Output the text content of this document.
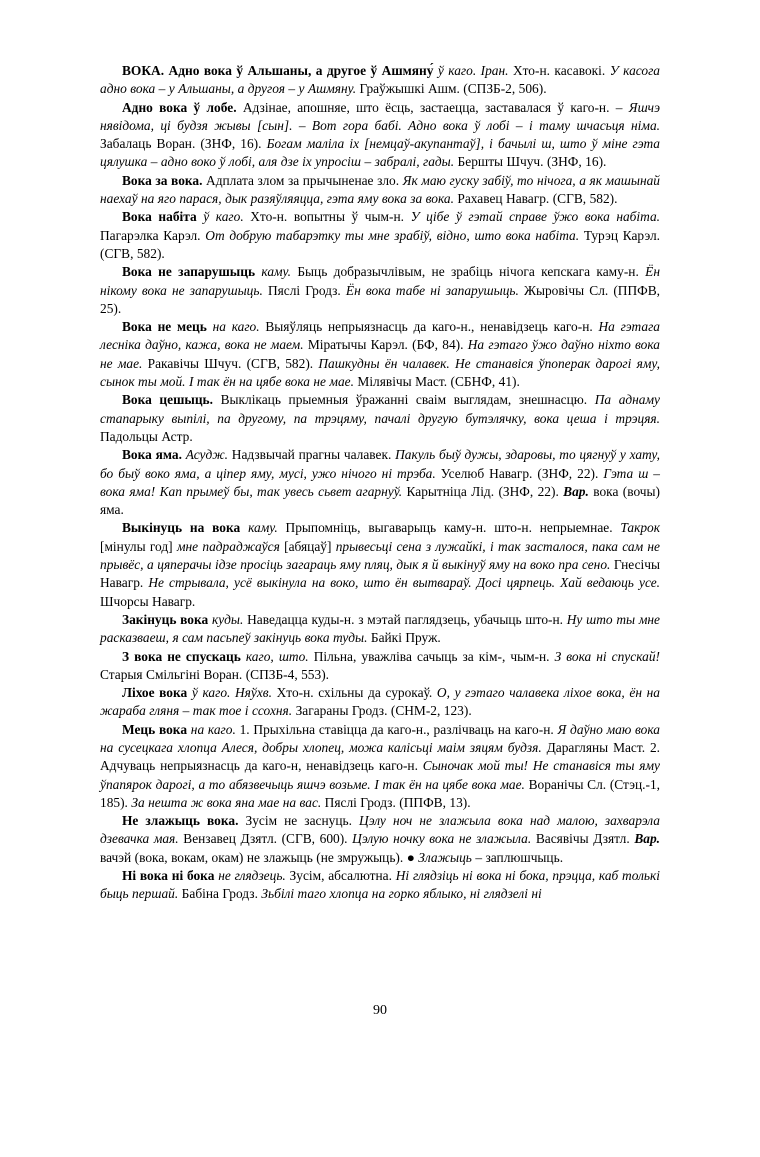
ВОКА. Адно вока ў Альшаны, а другое ў Ашмяну́ ў каго. Іран. Хто-н. касавокі. У касога адно вока – у Альшаны, а другоя – у Ашмяну. Граўжышкі Ашм. (СПЗБ-2, 506).

Адно вока ў лобе. Адзінае, апошняе, што ёсць, застаецца, заставалася ў каго-н. – Яшчэ нявідома, ці будзя жывы [сын]. – Вот гора бабі. Адно вока ў лобі – і таму шчасьця німа. Забалаць Воран. (ЗНФ, 16). Богам маліла іх [немцаў-акупантаў], і бачылі ш, што ў міне гэта цялушка – адно воко ў лобі, аля дзе іх упросіш – забралі, гады. Бершты Шчуч. (ЗНФ, 16).

Вока за вока. Адплата злом за прычыненае зло. Як маю гуску забіў, то нічога, а як машынай наехаў на яго парася, дык разяўляяцца, гэта яму вока за вока. Рахавец Навагр. (СГВ, 582).

Вока набіта ў каго. Хто-н. вопытны ў чым-н. У цібе ў гэтай справе ўжо вока набіта. Пагарэлка Карэл. От добрую табарэтку ты мне зрабіў, відно, што вока набіта. Турэц Карэл. (СГВ, 582).

Вока не запарушыць каму. Быць добразычлівым, не зрабіць нічога кепскага каму-н. Ён нікому вока не запарушыць. Пяслі Гродз. Ён вока табе ні запарушыць. Жыровічы Сл. (ППФВ, 25).

Вока не мець на каго. Выяўляць непрыязнасць да каго-н., ненавідзець каго-н. На гэтага лесніка даўно, кажа, вока не маем. Міратычы Карэл. (БФ, 84). На гэтаго ўжо даўно ніхто вока не мае. Ракавічы Шчуч. (СГВ, 582). Пашкудны ён чалавек. Не станавіся ўпоперак дарогі яму, сынок ты мой. І так ён на цябе вока не мае. Мілявічы Маст. (СБНФ, 41).

Вока цешыць. Выклікаць прыемныя ўражанні сваім выглядам, знешнасцю. Па аднаму стапарыку выпілі, па другому, па трэцяму, пачалі другую бутэлячку, вока цеша і трэцяя. Падольцы Астр.

Вока яма. Асудж. Надзвычай прагны чалавек. Пакуль быў дужы, здаровы, то цягнуў у хату, бо быў воко яма, а ціпер яму, мусі, ужо нічого ні трэба. Уселюб Навагр. (ЗНФ, 22). Гэта ш – вока яма! Кап прымеў бы, так увесь сьвет агарнуў. Карытніца Лід. (ЗНФ, 22). Вар. вока (вочы) яма.

Выкінуць на вока каму. Прыпомніць, выгаварыць каму-н. што-н. непрыемнае. Такрок [мінулы год] мне падраджаўся [абяцаў] прывесьці сена з лужайкі, і так засталося, пака сам не прывёс, а цяперачы ідзе просіць загараць яму пляц, дык я й выкінуў яму на воко пра сено. Гнесічы Навагр. Не стрывала, усё выкінула на воко, што ён вытвараў. Досі цярпець. Хай ведаюць усе. Шчорсы Навагр.

Закінуць вока куды. Наведацца куды-н. з мэтай паглядзець, убачыць што-н. Ну што ты мне расказваеш, я сам пасьпеў закінуць вока туды. Байкі Пруж.

З вока не спускаць каго, што. Пільна, уважліва сачыць за кім-, чым-н. З вока ні спускай! Старыя Смільгіні Воран. (СПЗБ-4, 553).

Ліхое вока ў каго. Няўхв. Хто-н. схільны да сурокаў. О, у гэтаго чалавека ліхое вока, ён на жараба гляня – так тое і ссохня. Загараны Гродз. (СНМ-2, 123).

Мець вока на каго. 1. Прыхільна ставіцца да каго-н., разлічваць на каго-н. Я даўно маю вока на сусецкага хлопца Алеся, добры хлопец, можа калісьці маім зяцям будзя. Дарагляны Маст. 2. Адчуваць непрыязнасць да каго-н, ненавідзець каго-н. Сыночак мой ты! Не станавіся ты яму ўпапярок дарогі, а то абязвечыць яшчэ возьме. І так ён на цябе вока мае. Воранічы Сл. (Стэц.-1, 185). За нешта ж вока яна мае на вас. Пяслі Гродз. (ППФВ, 13).

Не злажыць вока. Зусім не заснуць. Цэлу ноч не злажыла вока над малою, захварэла дзевачка мая. Вензавец Дзятл. (СГВ, 600). Цэлую ночку вока не злажыла. Васявічы Дзятл. Вар. вачэй (вока, вокам, окам) не злажыць (не змружыць). ● Злажыць – заплюшчыць.

Ні вока ні бока не глядзець. Зусім, абсалютна. Ні глядзіць ні вока ні бока, прэцца, каб толькі быць першай. Бабіна Гродз. Зьбілі таго хлопца на горко яблыко, ні глядзелі ні

90
